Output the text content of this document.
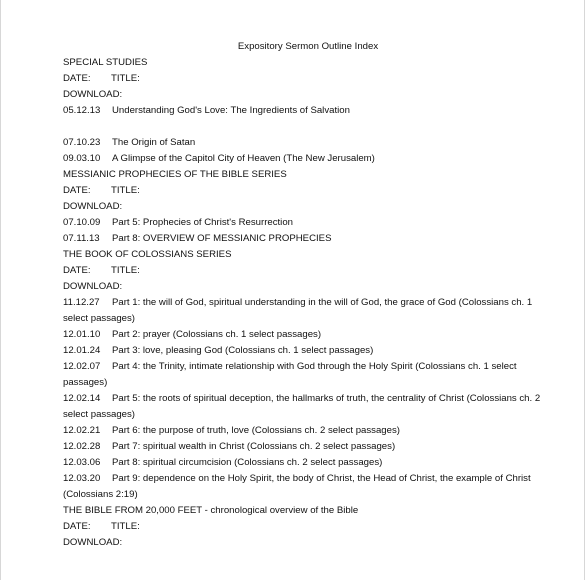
Expository Sermon Outline Index
SPECIAL STUDIES
DATE: TITLE:
DOWNLOAD:
05.12.13	Understanding God's Love: The Ingredients of Salvation
07.10.23	The Origin of Satan
09.03.10	A Glimpse of the Capitol City of Heaven (The New Jerusalem)
MESSIANIC PROPHECIES OF THE BIBLE SERIES
DATE: TITLE:
DOWNLOAD:
07.10.09	Part 5: Prophecies of Christ's Resurrection
07.11.13	Part 8: OVERVIEW OF MESSIANIC PROPHECIES
THE BOOK OF COLOSSIANS SERIES
DATE: TITLE:
DOWNLOAD:
11.12.27	Part 1: the will of God, spiritual understanding in the will of God, the grace of God (Colossians ch. 1
select passages)
12.01.10	Part 2: prayer (Colossians ch. 1 select passages)
12.01.24	Part 3: love, pleasing God (Colossians ch. 1 select passages)
12.02.07	Part 4: the Trinity, intimate relationship with God through the Holy Spirit (Colossians ch. 1 select
passages)
12.02.14	Part 5: the roots of spiritual deception, the hallmarks of truth, the centrality of Christ (Colossians ch. 2
select passages)
12.02.21	Part 6: the purpose of truth, love (Colossians ch. 2 select passages)
12.02.28	Part 7: spiritual wealth in Christ (Colossians ch. 2 select passages)
12.03.06	Part 8: spiritual circumcision (Colossians ch. 2 select passages)
12.03.20	Part 9: dependence on the Holy Spirit, the body of Christ, the Head of Christ, the example of Christ
(Colossians 2:19)
THE BIBLE FROM 20,000 FEET - chronological overview of the Bible
DATE: TITLE:
DOWNLOAD:
